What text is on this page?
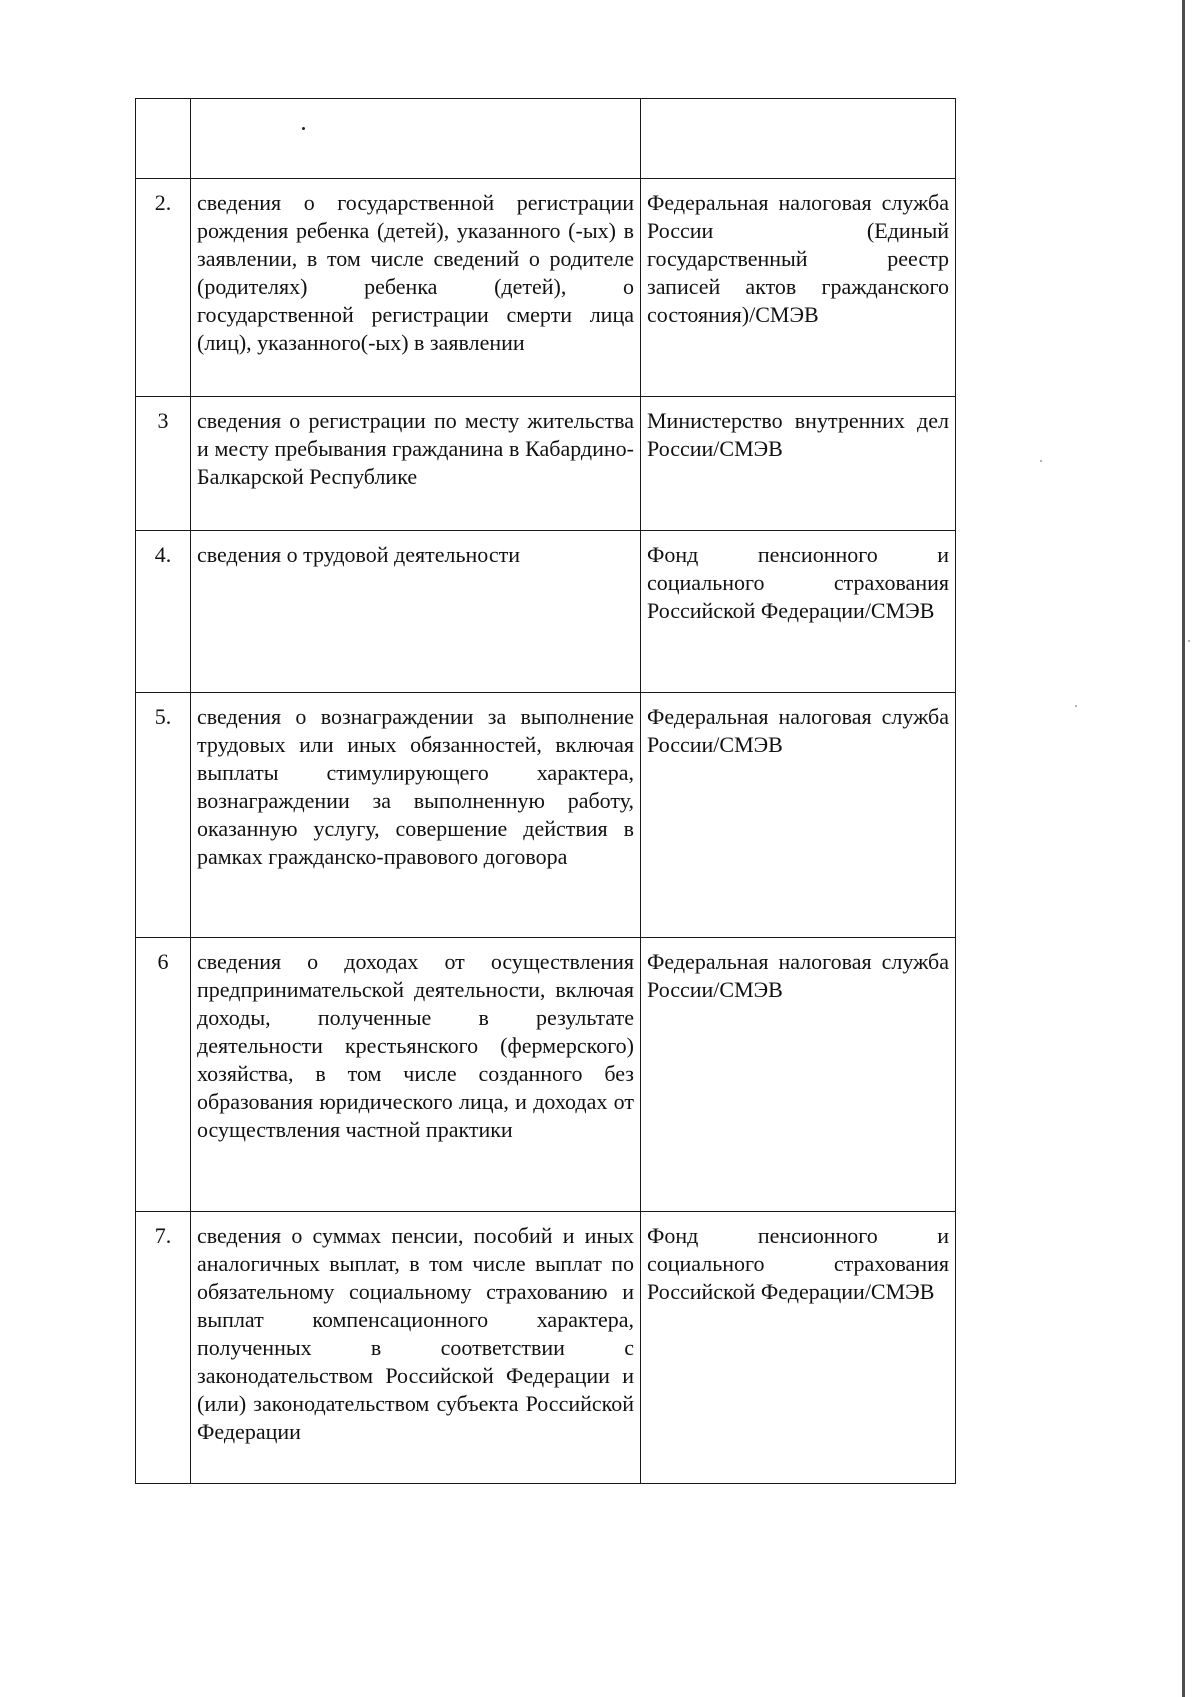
2.	сведения о государственной регистрации рождения ребенка (детей), указанного (-ых) в заявлении, в том числе сведений о родителе (родителях) ребенка (детей), о государственной регистрации смерти лица (лиц), указанного(-ых) в заявлении	Федеральная налоговая служба России (Единый государственный реестр записей актов гражданского состояния)/СМЭВ
3	сведения о регистрации по месту жительства и месту пребывания гражданина в Кабардино-Балкарской Республике	Министерство внутренних дел России/СМЭВ
4.	сведения о трудовой деятельности	Фонд пенсионного и социального страхования Российской Федерации/СМЭВ
5.	сведения о вознаграждении за выполнение трудовых или иных обязанностей, включая выплаты стимулирующего характера, вознаграждении за выполненную работу, оказанную услугу, совершение действия в рамках гражданско-правового договора	Федеральная налоговая служба России/СМЭВ
6	сведения о доходах от осуществления предпринимательской деятельности, включая доходы, полученные в результате деятельности крестьянского (фермерского) хозяйства, в том числе созданного без образования юридического лица, и доходах от осуществления частной практики	Федеральная налоговая служба России/СМЭВ
7.	сведения о суммах пенсии, пособий и иных аналогичных выплат, в том числе выплат по обязательному социальному страхованию и выплат компенсационного характера, полученных в соответствии с законодательством Российской Федерации и (или) законодательством субъекта Российской Федерации	Фонд пенсионного и социального страхования Российской Федерации/СМЭВ
